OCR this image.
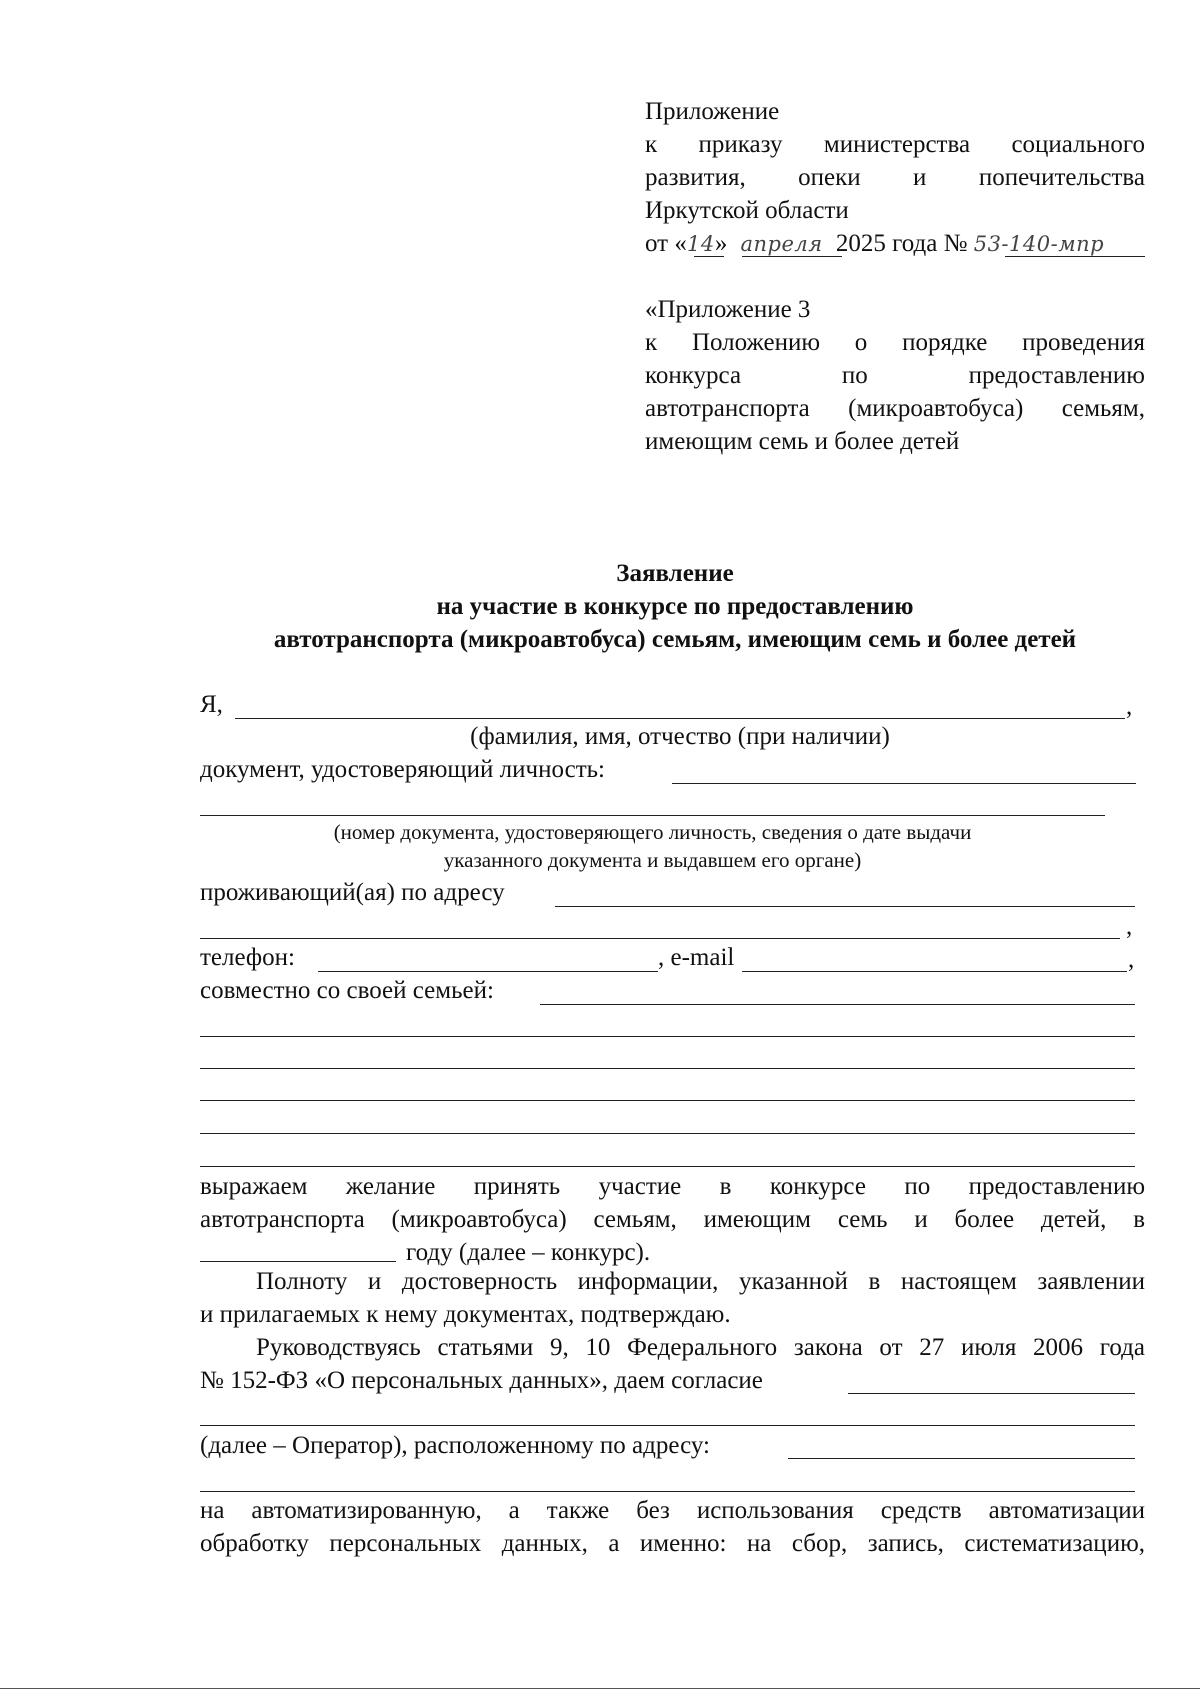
Приложение
к приказу министерства социального
развития, опеки и попечительства
Иркутской области
от «14» апреля 2025 года № 53-140-мпр
«Приложение 3
к Положению о порядке проведения
конкурса по предоставлению
автотранспорта (микроавтобуса) семьям,
имеющим семь и более детей
Заявление
на участие в конкурсе по предоставлению
автотранспорта (микроавтобуса) семьям, имеющим семь и более детей
Я,	,
(фамилия, имя, отчество (при наличии)
документ, удостоверяющий личность:
(номер документа, удостоверяющего личность, сведения о дате выдачи
указанного документа и выдавшем его органе)
проживающий(ая) по адресу
,
телефон:	, e-mail	,
совместно со своей семьей:
выражаем желание принять участие в конкурсе по предоставлению
автотранспорта (микроавтобуса) семьям, имеющим семь и более детей, в
году (далее – конкурс).
Полноту и достоверность информации, указанной в настоящем заявлении
и прилагаемых к нему документах, подтверждаю.
Руководствуясь статьями 9, 10 Федерального закона от 27 июля 2006 года
№ 152-ФЗ «О персональных данных», даем согласие
(далее – Оператор), расположенному по адресу:
на автоматизированную, а также без использования средств автоматизации
обработку персональных данных, а именно: на сбор, запись, систематизацию,
